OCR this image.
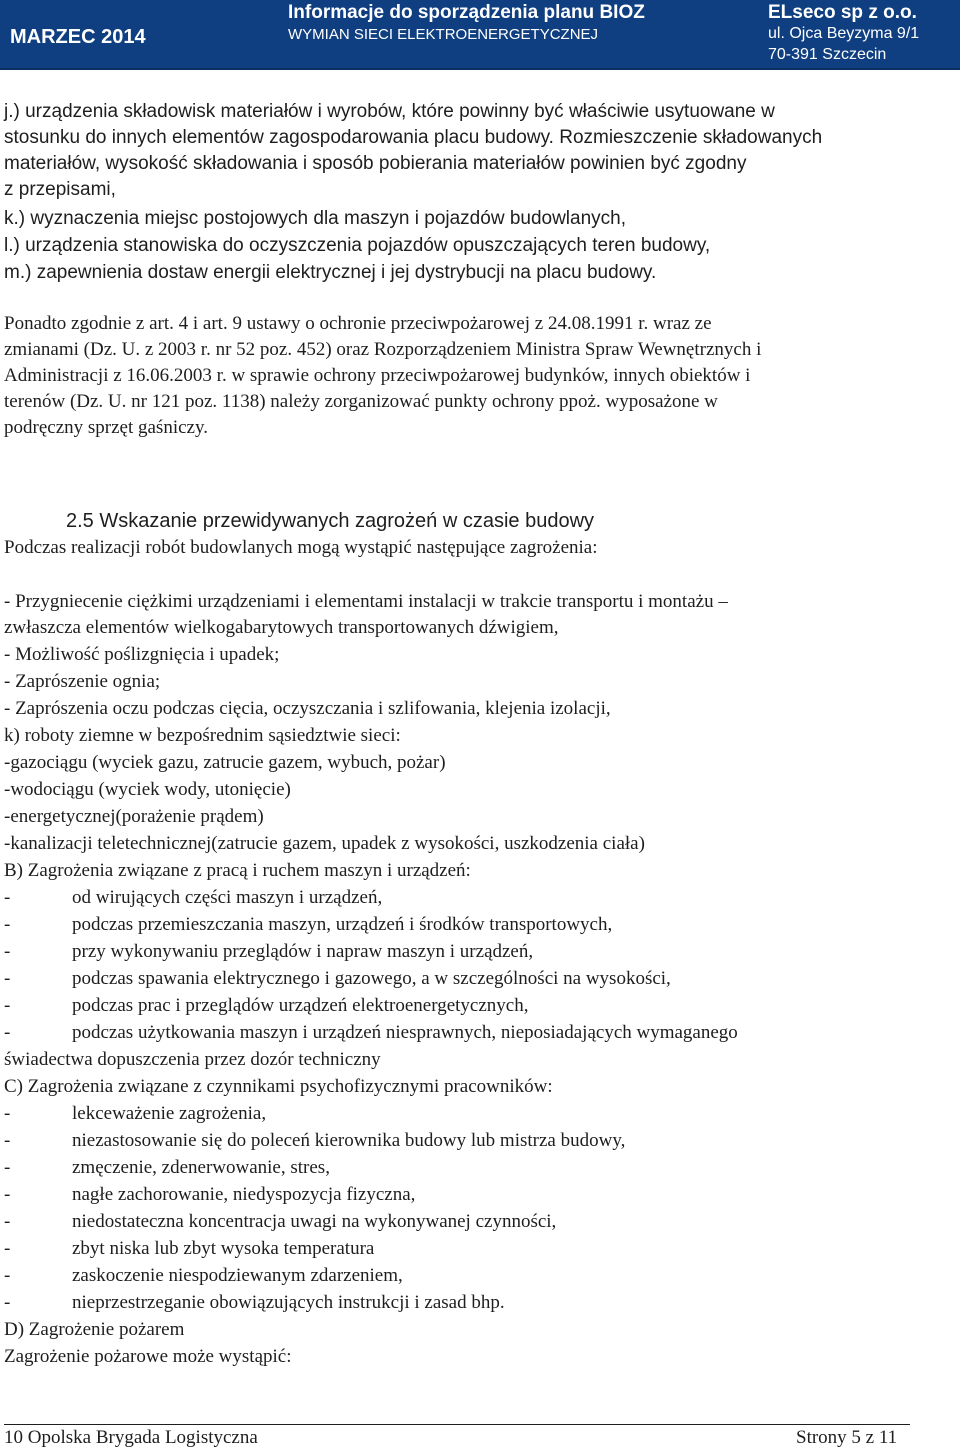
MARZEC 2014
Informacje do sporządzenia planu BIOZ
WYMIAN SIECI ELEKTROENERGETYCZNEJ
ELseco sp z o.o.
ul. Ojca Beyzyma 9/1
70-391 Szczecin
j.) urządzenia składowisk materiałów i wyrobów, które powinny być właściwie usytuowane w
stosunku do innych elementów zagospodarowania placu budowy. Rozmieszczenie składowanych
materiałów, wysokość składowania i sposób pobierania materiałów powinien być zgodny
z przepisami,
k.) wyznaczenia miejsc postojowych dla maszyn i pojazdów budowlanych,
l.) urządzenia stanowiska do oczyszczenia pojazdów opuszczających teren budowy,
m.) zapewnienia dostaw energii elektrycznej i jej dystrybucji na placu budowy.
Ponadto zgodnie z art. 4 i art. 9 ustawy o ochronie przeciwpożarowej z 24.08.1991 r. wraz ze
zmianami (Dz. U. z 2003 r. nr 52 poz. 452) oraz Rozporządzeniem Ministra Spraw Wewnętrznych i
Administracji z 16.06.2003 r. w sprawie ochrony przeciwpożarowej budynków, innych obiektów i
terenów (Dz. U. nr 121 poz. 1138) należy zorganizować punkty ochrony ppoż. wyposażone w
podręczny sprzęt gaśniczy.
2.5 Wskazanie przewidywanych zagrożeń w czasie budowy
Podczas realizacji robót budowlanych mogą wystąpić następujące zagrożenia:
- Przygniecenie ciężkimi urządzeniami i elementami instalacji w trakcie transportu i montażu –
zwłaszcza elementów wielkogabarytowych transportowanych dźwigiem,
- Możliwość poślizgnięcia i upadek;
- Zaprószenie ognia;
- Zaprószenia oczu podczas cięcia, oczyszczania i szlifowania, klejenia izolacji,
k) roboty ziemne w bezpośrednim sąsiedztwie sieci:
-gazociągu (wyciek gazu, zatrucie gazem, wybuch, pożar)
-wodociągu (wyciek wody, utonięcie)
-energetycznej(porażenie prądem)
-kanalizacji teletechnicznej(zatrucie gazem, upadek z wysokości, uszkodzenia ciała)
B) Zagrożenia związane z pracą i ruchem maszyn i urządzeń:
-	od wirujących części maszyn i urządzeń,
-	podczas przemieszczania maszyn, urządzeń i środków transportowych,
-	przy wykonywaniu przeglądów i napraw maszyn i urządzeń,
-	podczas spawania elektrycznego i gazowego, a w szczególności na wysokości,
-	podczas prac i przeglądów urządzeń elektroenergetycznych,
-	podczas użytkowania maszyn i urządzeń niesprawnych, nieposiadających wymaganego
świadectwa dopuszczenia przez dozór techniczny
C) Zagrożenia związane z czynnikami psychofizycznymi pracowników:
-	lekceważenie zagrożenia,
-	niezastosowanie się do poleceń kierownika budowy lub mistrza budowy,
-	zmęczenie, zdenerwowanie, stres,
-	nagłe zachorowanie, niedyspozycja fizyczna,
-	niedostateczna koncentracja uwagi na wykonywanej czynności,
-	zbyt niska lub zbyt wysoka temperatura
-	zaskoczenie niespodziewanym zdarzeniem,
-	nieprzestrzeganie obowiązujących instrukcji i zasad bhp.
D) Zagrożenie pożarem
Zagrożenie pożarowe może wystąpić:
10 Opolska Brygada Logistyczna	Strony 5 z 11
